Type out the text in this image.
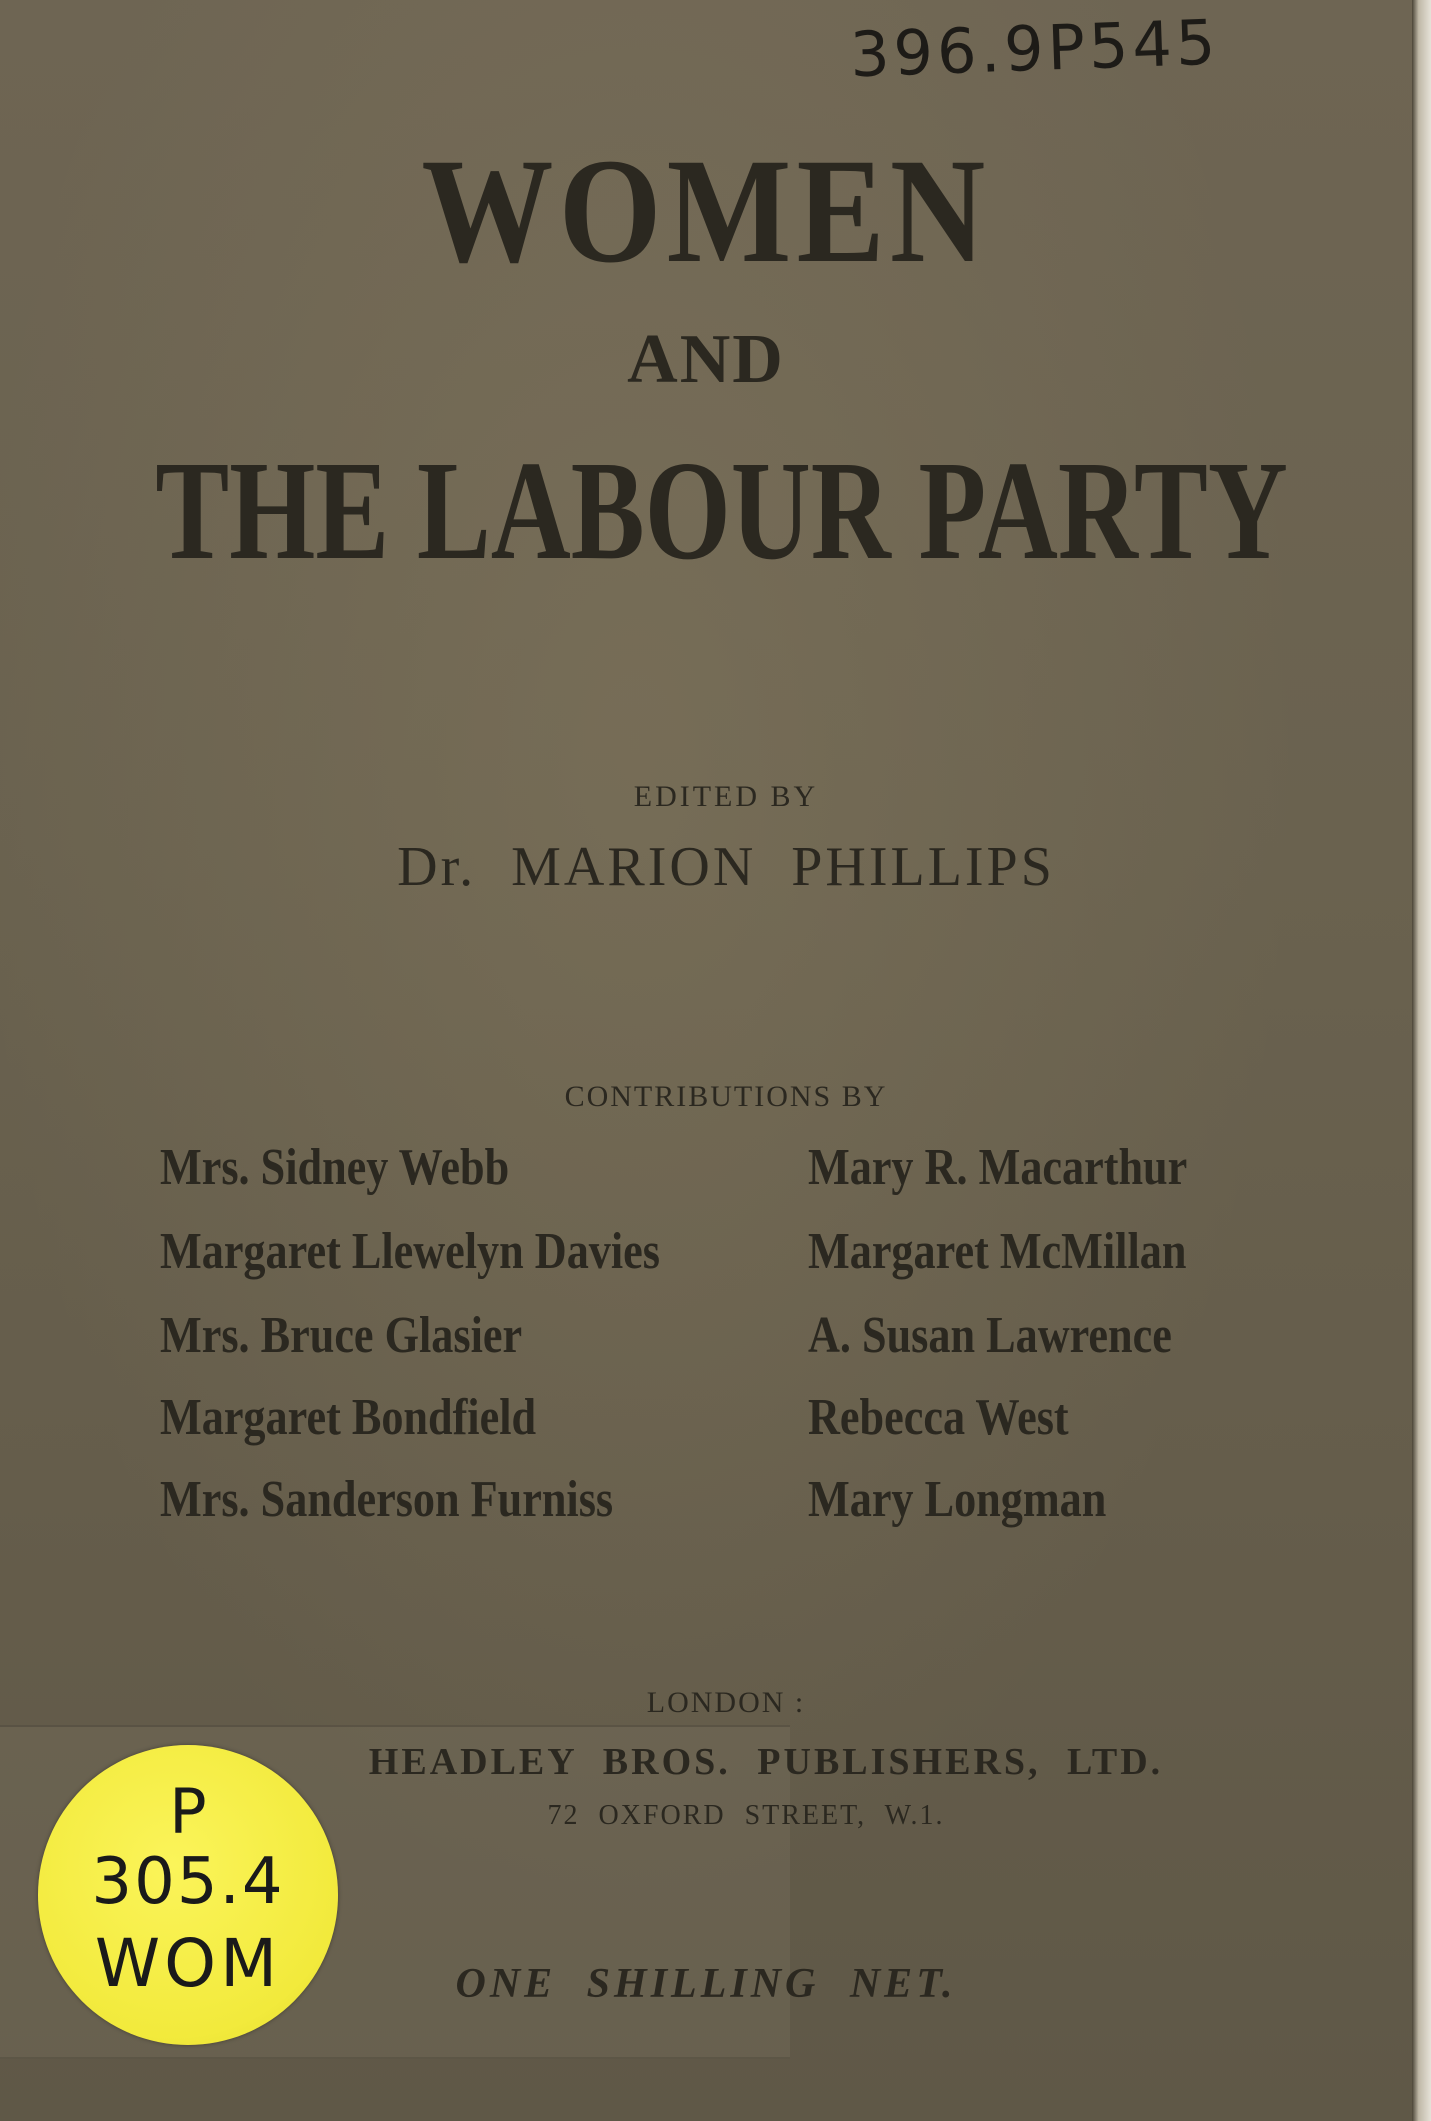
396.9P545
WOMEN
AND
THE LABOUR PARTY
EDITED BY
Dr. MARION PHILLIPS
CONTRIBUTIONS BY
Mrs. Sidney Webb
Margaret Llewelyn Davies
Mrs. Bruce Glasier
Margaret Bondfield
Mrs. Sanderson Furniss
Mary R. Macarthur
Margaret McMillan
A. Susan Lawrence
Rebecca West
Mary Longman
LONDON :
HEADLEY BROS. PUBLISHERS, LTD.
72 OXFORD STREET, W.1.
ONE SHILLING NET.
P
305.4
WOM
